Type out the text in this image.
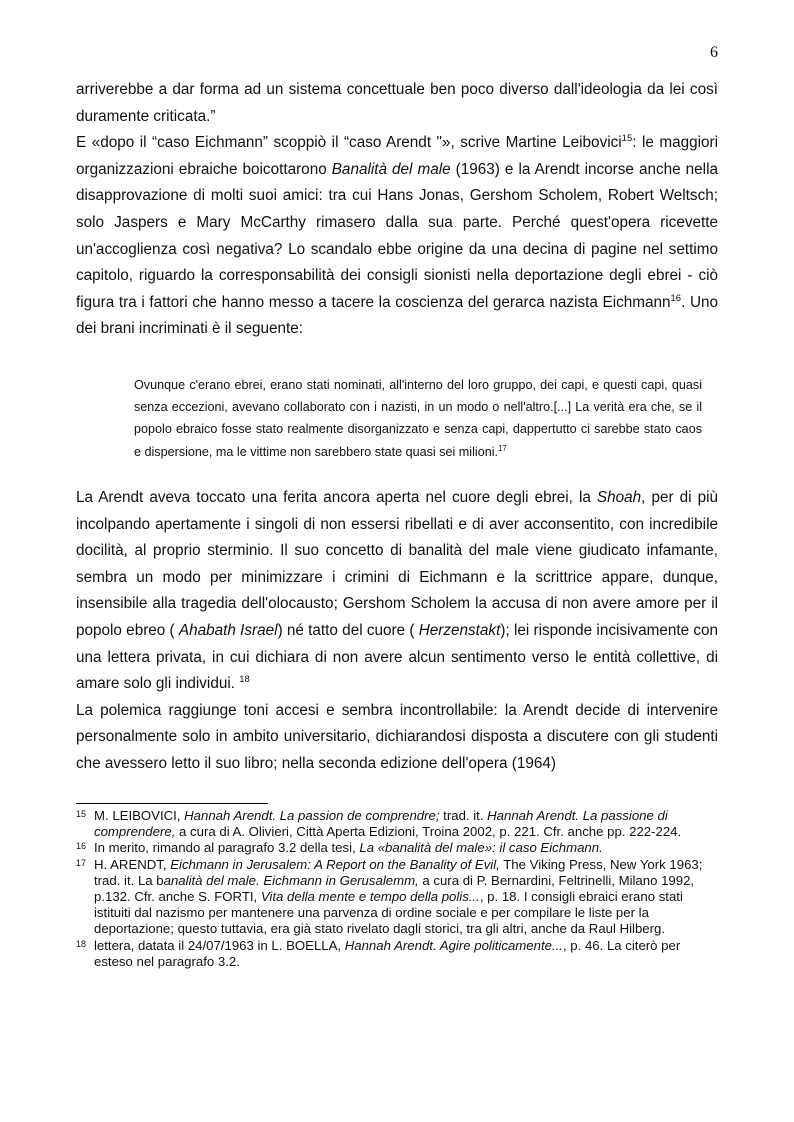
6

arriverebbe a dar forma ad un sistema concettuale ben poco diverso dall'ideologia da lei così duramente criticata.”

E «dopo il “caso Eichmann” scoppiò il “caso Arendt "», scrive Martine Leibovici$^{15}$: le maggiori organizzazioni ebraiche boicottarono Banalità del male (1963) e la Arendt incorse anche nella disapprovazione di molti suoi amici: tra cui Hans Jonas, Gershom Scholem, Robert Weltsch; solo Jaspers e Mary McCarthy rimasero dalla sua parte. Perché quest'opera ricevette un'accoglienza così negativa? Lo scandalo ebbe origine da una decina di pagine nel settimo capitolo, riguardo la corresponsabilità dei consigli sionisti nella deportazione degli ebrei - ciò figura tra i fattori che hanno messo a tacere la coscienza del gerarca nazista Eichmann$^{16}$. Uno dei brani incriminati è il seguente:

Ovunque c'erano ebrei, erano stati nominati, all'interno del loro gruppo, dei capi, e questi capi, quasi senza eccezioni, avevano collaborato con i nazisti, in un modo o nell'altro.[...] La verità era che, se il popolo ebraico fosse stato realmente disorganizzato e senza capi, dappertutto ci sarebbe stato caos e dispersione, ma le vittime non sarebbero state quasi sei milioni.$^{17}$

La Arendt aveva toccato una ferita ancora aperta nel cuore degli ebrei, la Shoah, per di più incolpando apertamente i singoli di non essersi ribellati e di aver acconsentito, con incredibile docilità, al proprio sterminio. Il suo concetto di banalità del male viene giudicato infamante, sembra un modo per minimizzare i crimini di Eichmann e la scrittrice appare, dunque, insensibile alla tragedia dell'olocausto; Gershom Scholem la accusa di non avere amore per il popolo ebreo ( Ahabath Israel) né tatto del cuore ( Herzenstakt); lei risponde incisivamente con una lettera privata, in cui dichiara di non avere alcun sentimento verso le entità collettive, di amare solo gli individui. $^{18}$

La polemica raggiunge toni accesi e sembra incontrollabile: la Arendt decide di intervenire personalmente solo in ambito universitario, dichiarandosi disposta a discutere con gli studenti che avessero letto il suo libro; nella seconda edizione dell'opera (1964)

15 M. LEIBOVICI, Hannah Arendt. La passion de comprendre; trad. it. Hannah Arendt. La passione di comprendere, a cura di A. Olivieri, Città Aperta Edizioni, Troina 2002, p. 221. Cfr. anche pp. 222-224.
16 In merito, rimando al paragrafo 3.2 della tesi, La «banalità del male»: il caso Eichmann.
17 H. ARENDT, Eichmann in Jerusalem: A Report on the Banality of Evil, The Viking Press, New York 1963; trad. it. La banalità del male. Eichmann in Gerusalemm, a cura di P. Bernardini, Feltrinelli, Milano 1992, p.132. Cfr. anche S. FORTI, Vita della mente e tempo della polis..., p. 18. I consigli ebraici erano stati istituiti dal nazismo per mantenere una parvenza di ordine sociale e per compilare le liste per la deportazione; questo tuttavia, era già stato rivelato dagli storici, tra gli altri, anche da Raul Hilberg.
18 lettera, datata il 24/07/1963 in L. BOELLA, Hannah Arendt. Agire politicamente..., p. 46. La citerò per esteso nel paragrafo 3.2.
